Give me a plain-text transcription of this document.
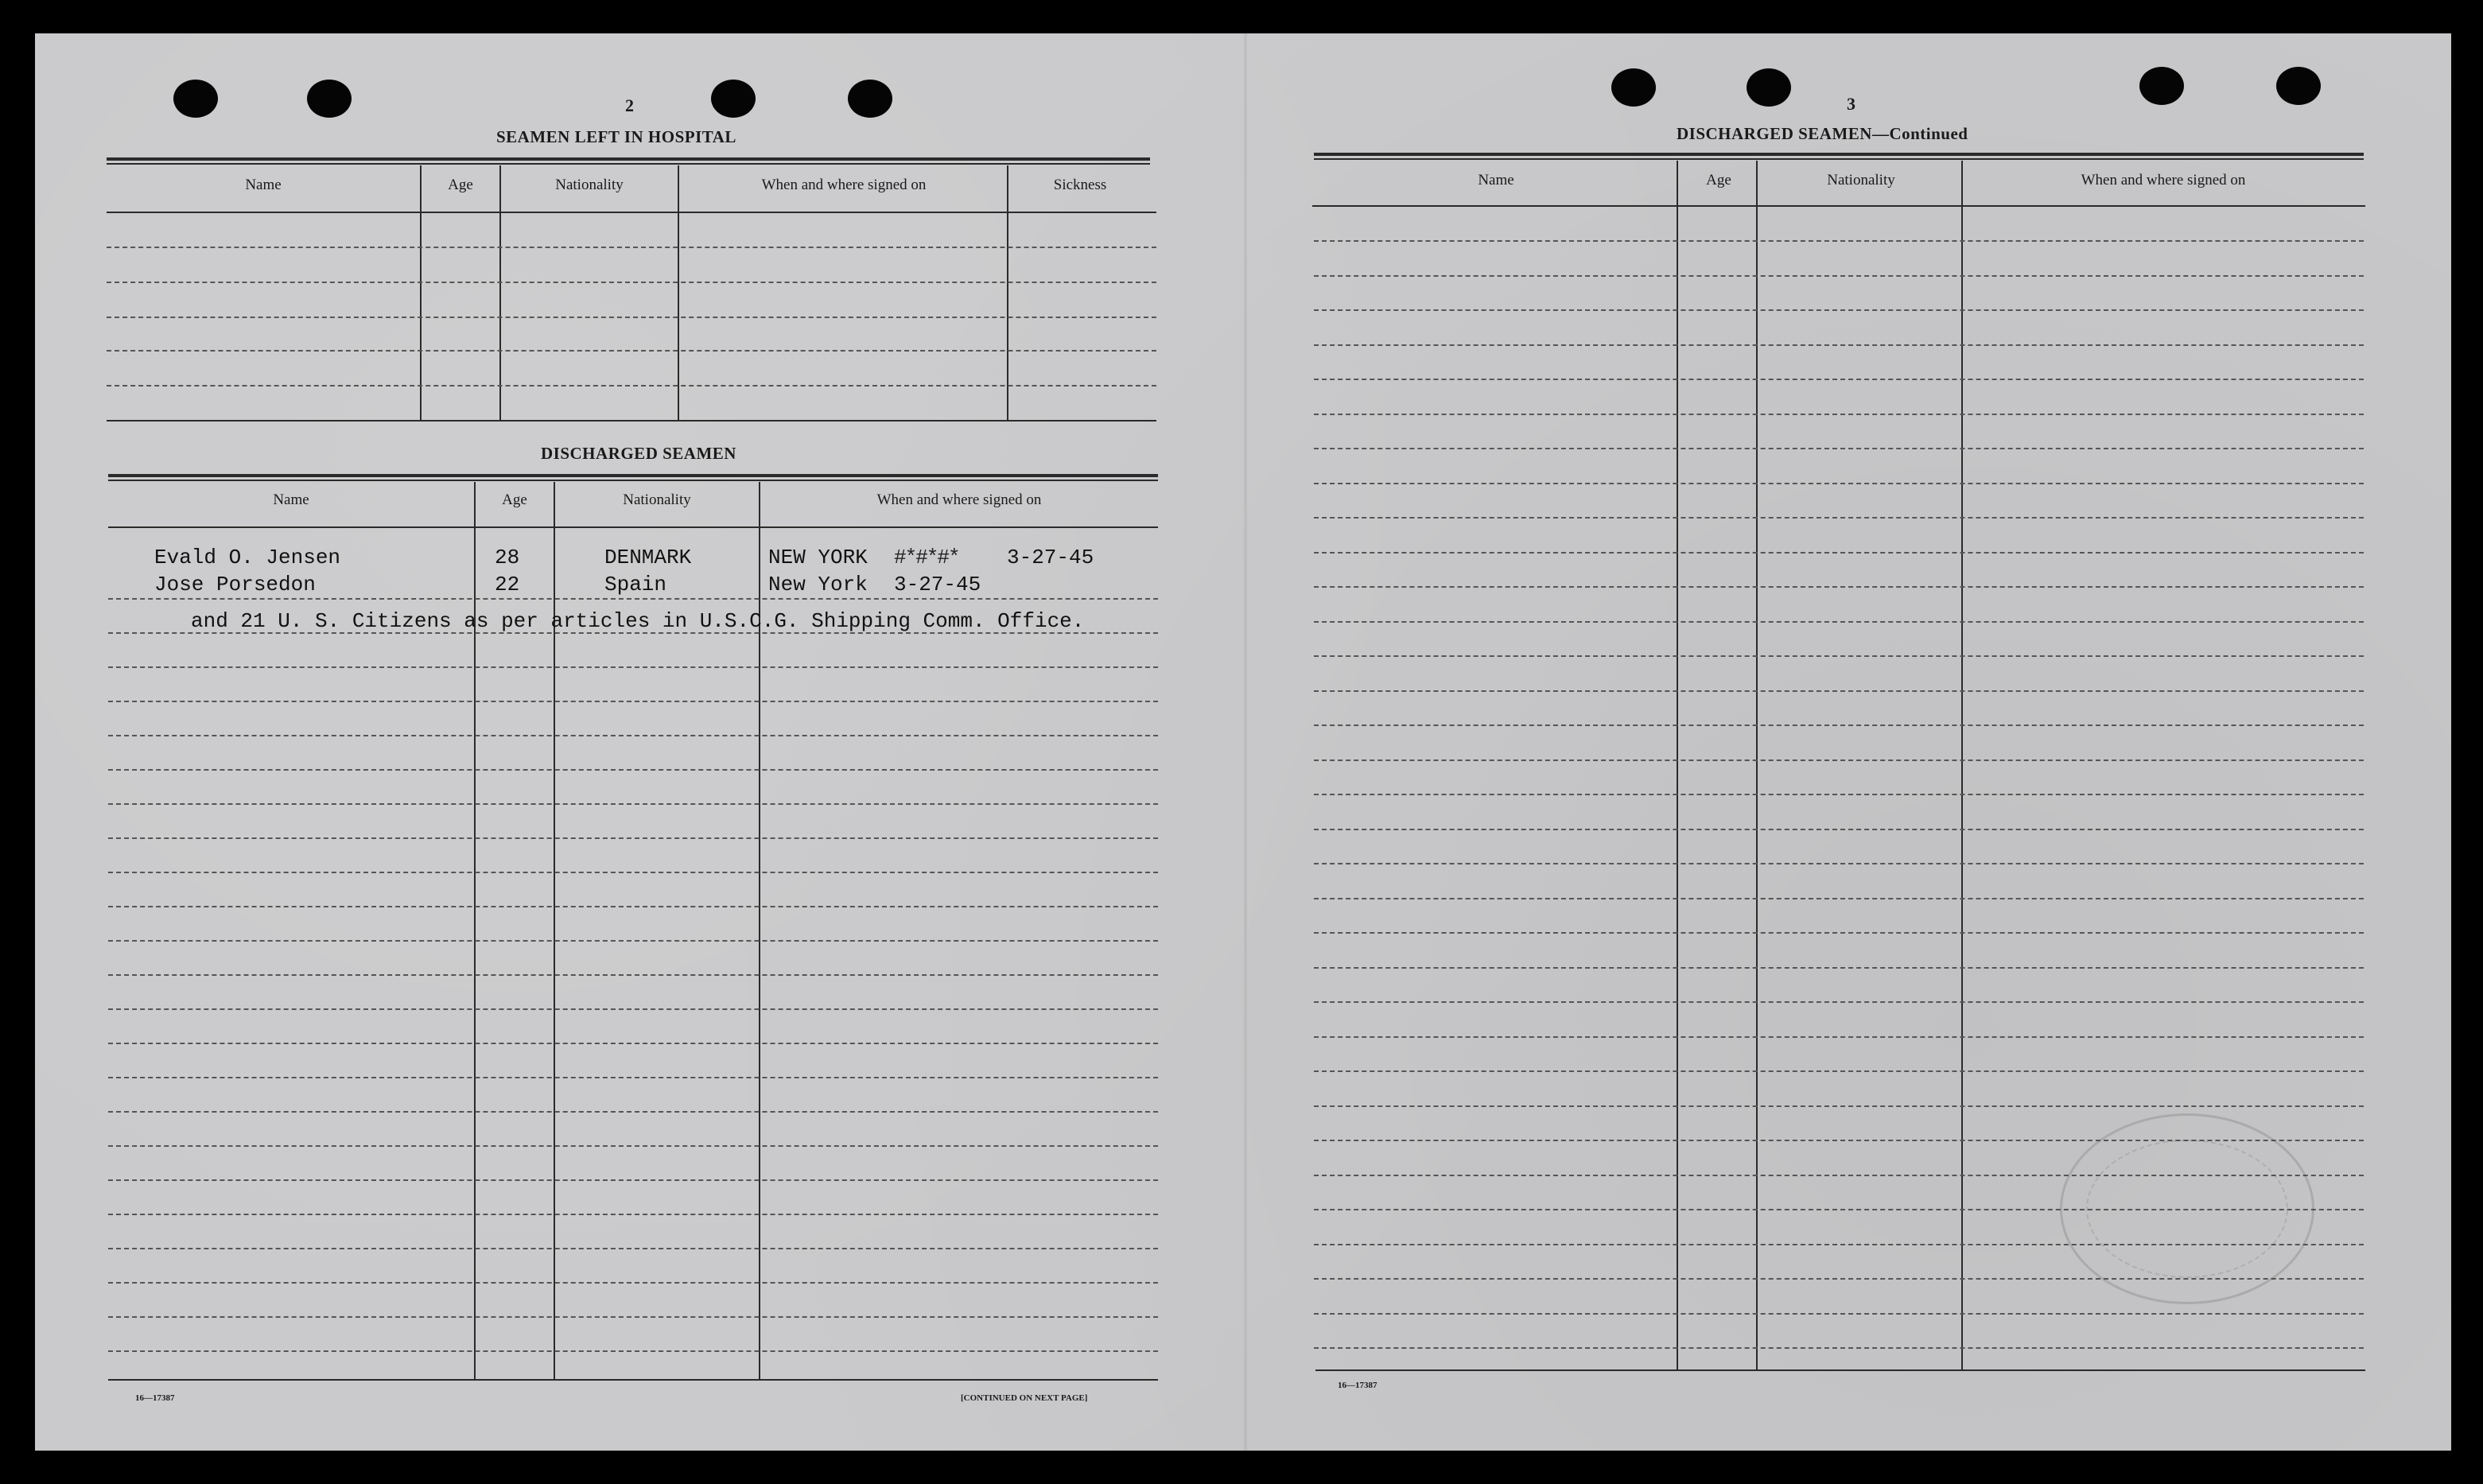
2
SEAMEN LEFT IN HOSPITAL
Name	Age	Nationality	When and where signed on	Sickness
DISCHARGED SEAMEN
Name	Age	Nationality	When and where signed on
Evald O. Jensen	28	DENMARK	NEW YORK #*#*#* 3-27-45
Jose Porsedon	22	Spain	New York 3-27-45
and 21 U. S. Citizens as per articles in U.S.C.G. Shipping Comm. Office.
16—17387	[CONTINUED ON NEXT PAGE]
3
DISCHARGED SEAMEN—Continued
Name	Age	Nationality	When and where signed on
16—17387
